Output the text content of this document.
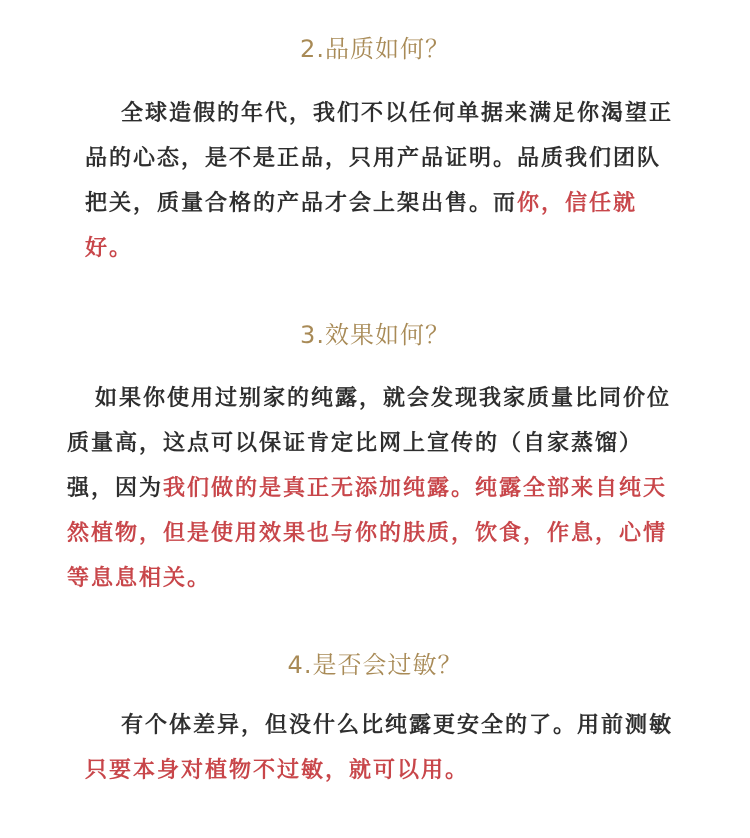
2.品质如何？
全球造假的年代，我们不以任何单据来满足你渴望正品的心态，是不是正品，只用产品证明。品质我们团队把关，质量合格的产品才会上架出售。而你，信任就好。
3.效果如何？
如果你使用过别家的纯露，就会发现我家质量比同价位质量高，这点可以保证肯定比网上宣传的（自家蒸馏）强，因为我们做的是真正无添加纯露。纯露全部来自纯天然植物，但是使用效果也与你的肤质，饮食，作息，心情等息息相关。
4.是否会过敏？
有个体差异，但没什么比纯露更安全的了。用前测敏只要本身对植物不过敏，就可以用。
